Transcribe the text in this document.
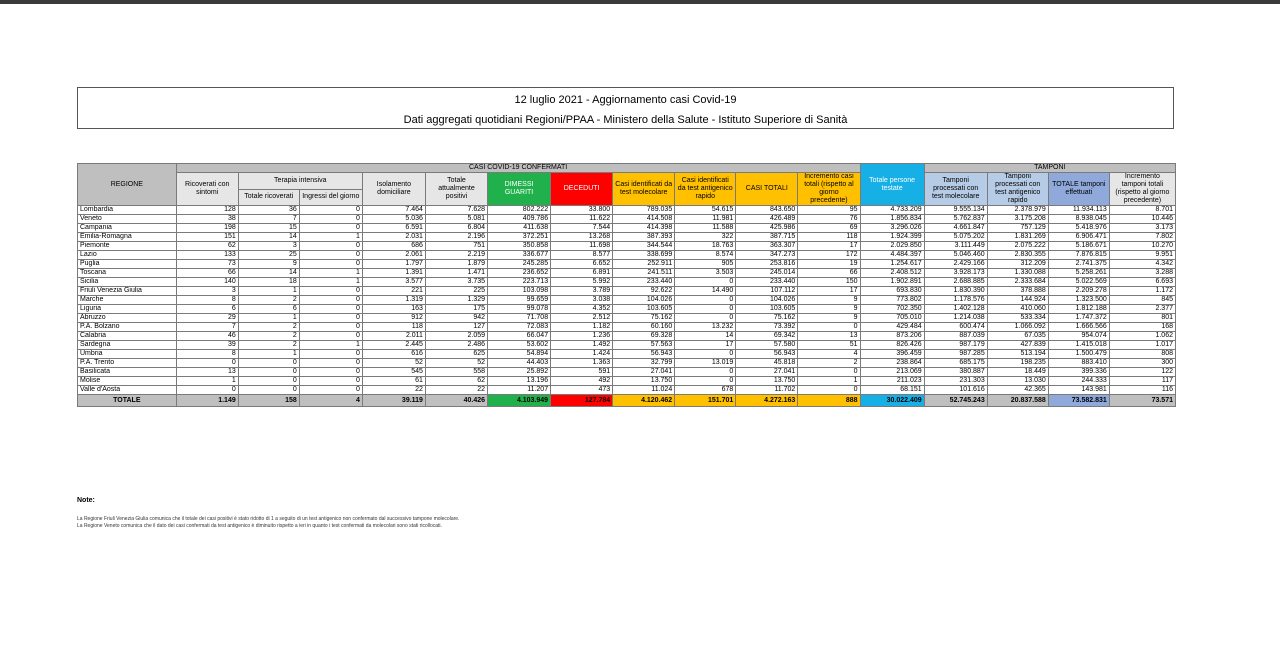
12 luglio 2021 - Aggiornamento casi Covid-19
Dati aggregati quotidiani Regioni/PPAA - Ministero della Salute - Istituto Superiore di Sanità
REGIONE	CASI COVID-19 CONFERMATI											Totale persone testate	TAMPONI			
	Ricoverati con sintomi	Terapia intensiva		Isolamento domiciliare	Totale attualmente positivi	DIMESSI GUARITI	DECEDUTI	Casi identificati da test molecolare	Casi identificati da test antigenico rapido	CASI TOTALI	Incremento casi totali (rispetto al giorno precedente)		Tamponi processati con test molecolare	Tamponi processati con test antigenico rapido	TOTALE tamponi effettuati	Incremento tamponi totali (rispetto al giorno precedente)
		Totale ricoverati	Ingressi del giorno													
Lombardia	128	36	0	7.464	7.628	802.222	33.800	789.035	54.615	843.650	95	4.733.209	9.555.134	2.378.979	11.934.113	8.701
Veneto	38	7	0	5.036	5.081	409.786	11.622	414.508	11.981	426.489	76	1.856.834	5.762.837	3.175.208	8.938.045	10.446
Campania	198	15	0	6.591	6.804	411.638	7.544	414.398	11.588	425.986	69	3.296.026	4.661.847	757.129	5.418.976	3.173
Emilia-Romagna	151	14	1	2.031	2.196	372.251	13.268	387.393	322	387.715	118	1.924.399	5.075.202	1.831.269	6.906.471	7.802
Piemonte	62	3	0	686	751	350.858	11.698	344.544	18.763	363.307	17	2.029.850	3.111.449	2.075.222	5.186.671	10.270
Lazio	133	25	0	2.061	2.219	336.677	8.577	338.699	8.574	347.273	172	4.484.397	5.046.460	2.830.355	7.876.815	9.951
Puglia	73	9	0	1.797	1.879	245.285	6.652	252.911	905	253.816	19	1.254.617	2.429.166	312.209	2.741.375	4.342
Toscana	66	14	1	1.391	1.471	236.652	6.891	241.511	3.503	245.014	66	2.408.512	3.928.173	1.330.088	5.258.261	3.288
Sicilia	140	18	1	3.577	3.735	223.713	5.992	233.440	0	233.440	150	1.902.891	2.688.885	2.333.684	5.022.569	6.693
Friuli Venezia Giulia	3	1	0	221	225	103.098	3.789	92.622	14.490	107.112	17	693.830	1.830.390	378.888	2.209.278	1.172
Marche	8	2	0	1.319	1.329	99.659	3.038	104.026	0	104.026	9	773.802	1.178.576	144.924	1.323.500	845
Liguria	6	6	0	163	175	99.078	4.352	103.605	0	103.605	9	702.350	1.402.128	410.060	1.812.188	2.377
Abruzzo	29	1	0	912	942	71.708	2.512	75.162	0	75.162	9	705.010	1.214.038	533.334	1.747.372	801
P.A. Bolzano	7	2	0	118	127	72.083	1.182	60.160	13.232	73.392	0	429.484	600.474	1.066.092	1.666.566	168
Calabria	46	2	0	2.011	2.059	66.047	1.236	69.328	14	69.342	13	873.206	887.039	67.035	954.074	1.062
Sardegna	39	2	1	2.445	2.486	53.602	1.492	57.563	17	57.580	51	826.426	987.179	427.839	1.415.018	1.017
Umbria	8	1	0	616	625	54.894	1.424	56.943	0	56.943	4	396.459	987.285	513.194	1.500.479	808
P.A. Trento	0	0	0	52	52	44.403	1.363	32.799	13.019	45.818	2	238.864	685.175	198.235	883.410	300
Basilicata	13	0	0	545	558	25.892	591	27.041	0	27.041	0	213.069	380.887	18.449	399.336	122
Molise	1	0	0	61	62	13.196	492	13.750	0	13.750	1	211.023	231.303	13.030	244.333	117
Valle d'Aosta	0	0	0	22	22	11.207	473	11.024	678	11.702	0	68.151	101.616	42.365	143.981	116
TOTALE	1.149	158	4	39.119	40.426	4.103.949	127.784	4.120.462	151.701	4.272.163	888	30.022.409	52.745.243	20.837.588	73.582.831	73.571
Note:
La Regione Friuli Venezia Giulia comunica che il totale dei casi positivi è stato ridotto di 1 a seguito di un test antigenico non confermato dal successivo tampone molecolare.
La Regione Veneto comunica che il dato dei casi confermati da test antigenico è diminuito rispetto a ieri in quanto i test confermati da molecolari sono stati ricollocati.
